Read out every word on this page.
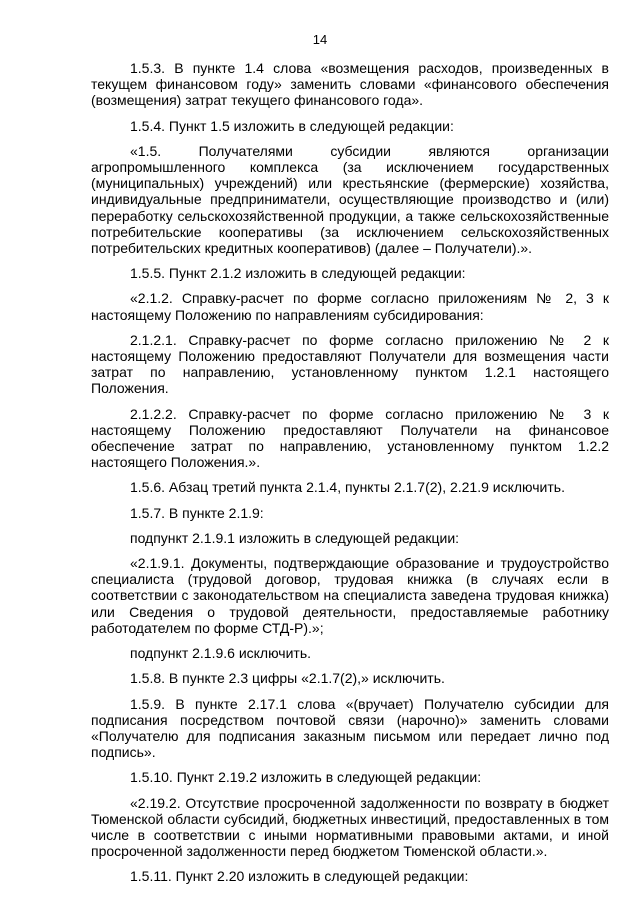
14

1.5.3. В пункте 1.4 слова «возмещения расходов, произведенных в текущем финансовом году» заменить словами «финансового обеспечения (возмещения) затрат текущего финансового года».

1.5.4. Пункт 1.5 изложить в следующей редакции:

«1.5. Получателями субсидии являются организации агропромышленного комплекса (за исключением государственных (муниципальных) учреждений) или крестьянские (фермерские) хозяйства, индивидуальные предприниматели, осуществляющие производство и (или) переработку сельскохозяйственной продукции, а также сельскохозяйственные потребительские кооперативы (за исключением сельскохозяйственных потребительских кредитных кооперативов) (далее – Получатели).».

1.5.5. Пункт 2.1.2 изложить в следующей редакции:

«2.1.2. Справку-расчет по форме согласно приложениям № 2, 3 к настоящему Положению по направлениям субсидирования:

2.1.2.1. Справку-расчет по форме согласно приложению № 2 к настоящему Положению предоставляют Получатели для возмещения части затрат по направлению, установленному пунктом 1.2.1 настоящего Положения.

2.1.2.2. Справку-расчет по форме согласно приложению № 3 к настоящему Положению предоставляют Получатели на финансовое обеспечение затрат по направлению, установленному пунктом 1.2.2 настоящего Положения.».

1.5.6. Абзац третий пункта 2.1.4, пункты 2.1.7(2), 2.21.9 исключить.

1.5.7. В пункте 2.1.9:

подпункт 2.1.9.1 изложить в следующей редакции:

«2.1.9.1. Документы, подтверждающие образование и трудоустройство специалиста (трудовой договор, трудовая книжка (в случаях если в соответствии с законодательством на специалиста заведена трудовая книжка) или Сведения о трудовой деятельности, предоставляемые работнику работодателем по форме СТД-Р).»;

подпункт 2.1.9.6 исключить.

1.5.8. В пункте 2.3 цифры «2.1.7(2),» исключить.

1.5.9. В пункте 2.17.1 слова «(вручает) Получателю субсидии для подписания посредством почтовой связи (нарочно)» заменить словами «Получателю для подписания заказным письмом или передает лично под подпись».

1.5.10. Пункт 2.19.2 изложить в следующей редакции:

«2.19.2. Отсутствие просроченной задолженности по возврату в бюджет Тюменской области субсидий, бюджетных инвестиций, предоставленных в том числе в соответствии с иными нормативными правовыми актами, и иной просроченной задолженности перед бюджетом Тюменской области.».

1.5.11. Пункт 2.20 изложить в следующей редакции:
